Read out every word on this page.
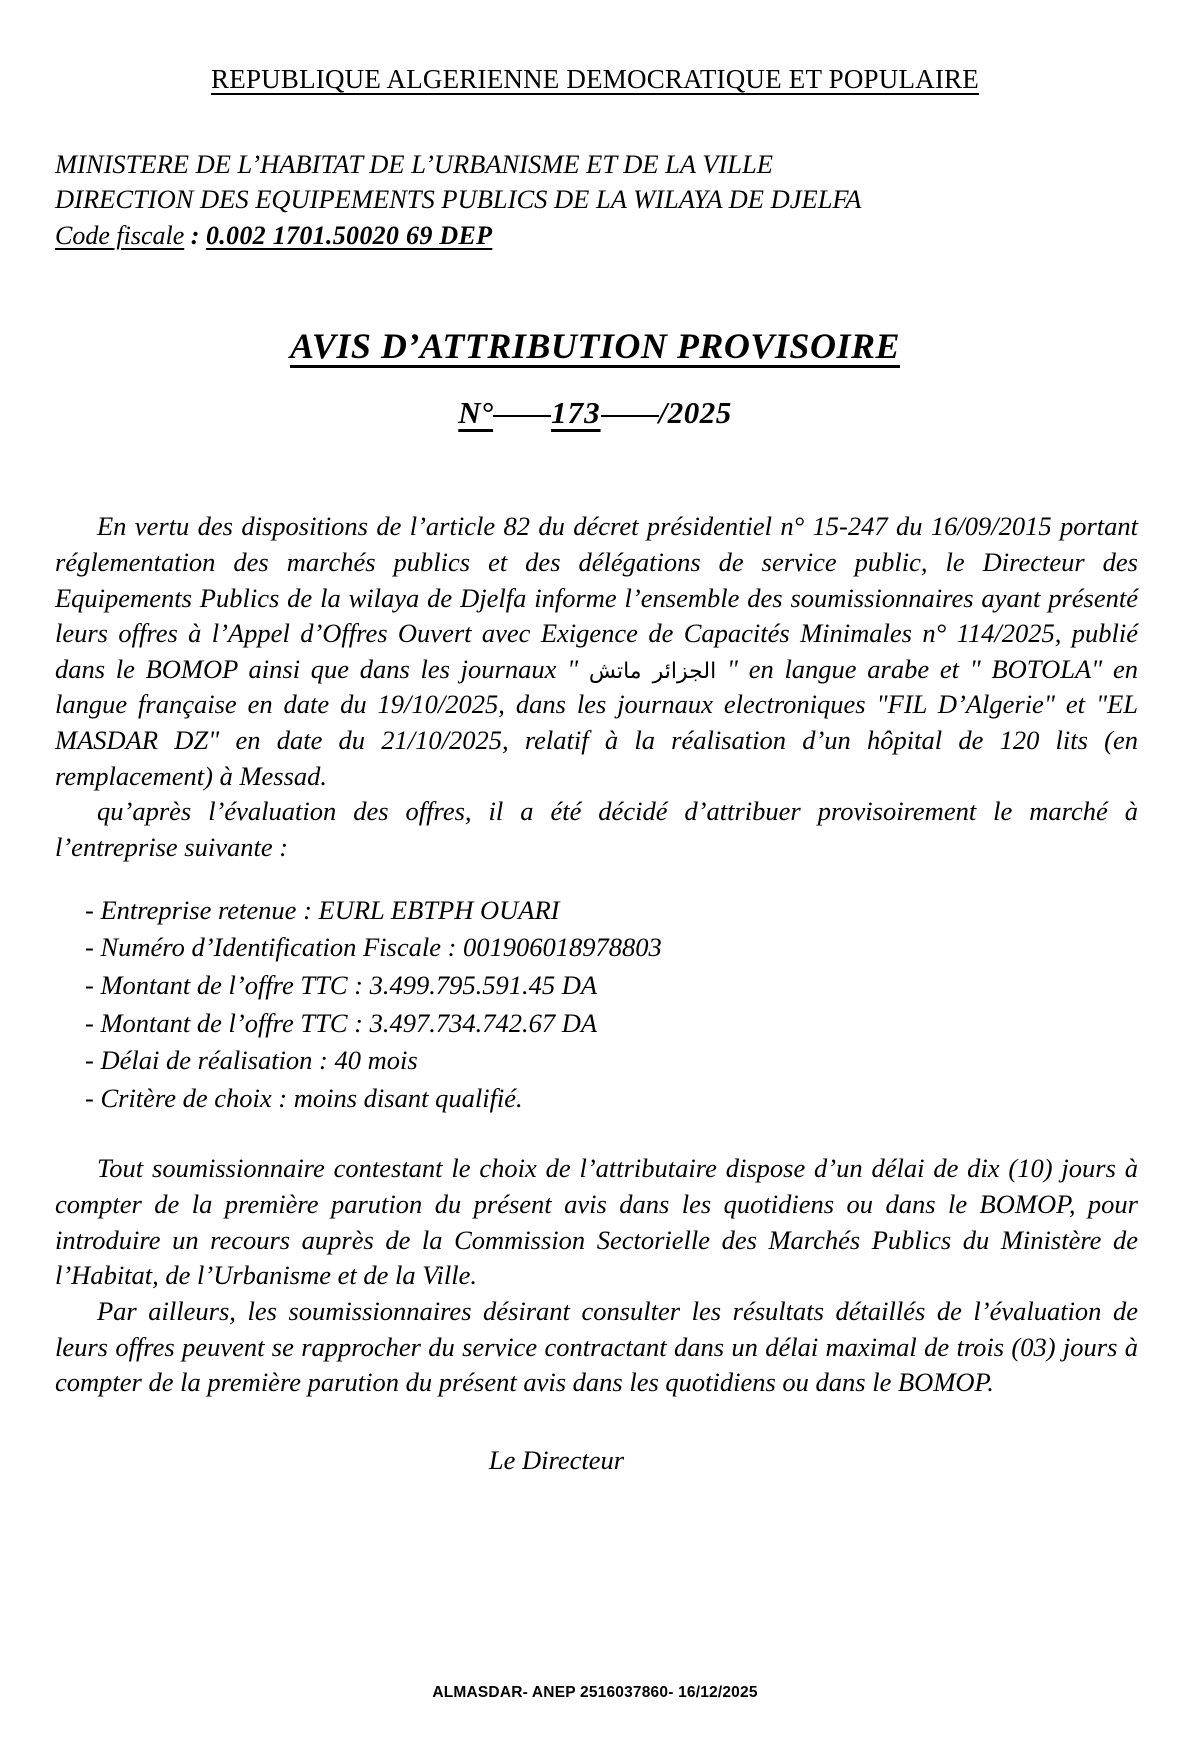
REPUBLIQUE ALGERIENNE DEMOCRATIQUE ET POPULAIRE
MINISTERE DE L’HABITAT DE L’URBANISME ET DE LA VILLE
DIRECTION DES EQUIPEMENTS PUBLICS DE LA WILAYA DE DJELFA
Code fiscale : 0.002 1701.50020 69 DEP
AVIS D’ATTRIBUTION PROVISOIRE
N° 173 /2025

En vertu des dispositions de l’article 82 du décret présidentiel n° 15-247 du 16/09/2015 portant réglementation des marchés publics et des délégations de service public, le Directeur des Equipements Publics de la wilaya de Djelfa informe l’ensemble des soumissionnaires ayant présenté leurs offres à l’Appel d’Offres Ouvert avec Exigence de Capacités Minimales n° 114/2025, publié dans le BOMOP ainsi que dans les journaux " الجزائر ماتش " en langue arabe et " BOTOLA" en langue française en date du 19/10/2025, dans les journaux electroniques "FIL D’Algerie" et "EL MASDAR DZ" en date du 21/10/2025, relatif à la réalisation d’un hôpital de 120 lits (en remplacement) à Messad.

qu’après l’évaluation des offres, il a été décidé d’attribuer provisoirement le marché à l’entreprise suivante :

- Entreprise retenue : EURL EBTPH OUARI
- Numéro d’Identification Fiscale : 001906018978803
- Montant de l’offre TTC : 3.499.795.591.45 DA
- Montant de l’offre TTC : 3.497.734.742.67 DA
- Délai de réalisation : 40 mois
- Critère de choix : moins disant qualifié.

Tout soumissionnaire contestant le choix de l’attributaire dispose d’un délai de dix (10) jours à compter de la première parution du présent avis dans les quotidiens ou dans le BOMOP, pour introduire un recours auprès de la Commission Sectorielle des Marchés Publics du Ministère de l’Habitat, de l’Urbanisme et de la Ville.

Par ailleurs, les soumissionnaires désirant consulter les résultats détaillés de l’évaluation de leurs offres peuvent se rapprocher du service contractant dans un délai maximal de trois (03) jours à compter de la première parution du présent avis dans les quotidiens ou dans le BOMOP.

Le Directeur
ALMASDAR- ANEP 2516037860- 16/12/2025
